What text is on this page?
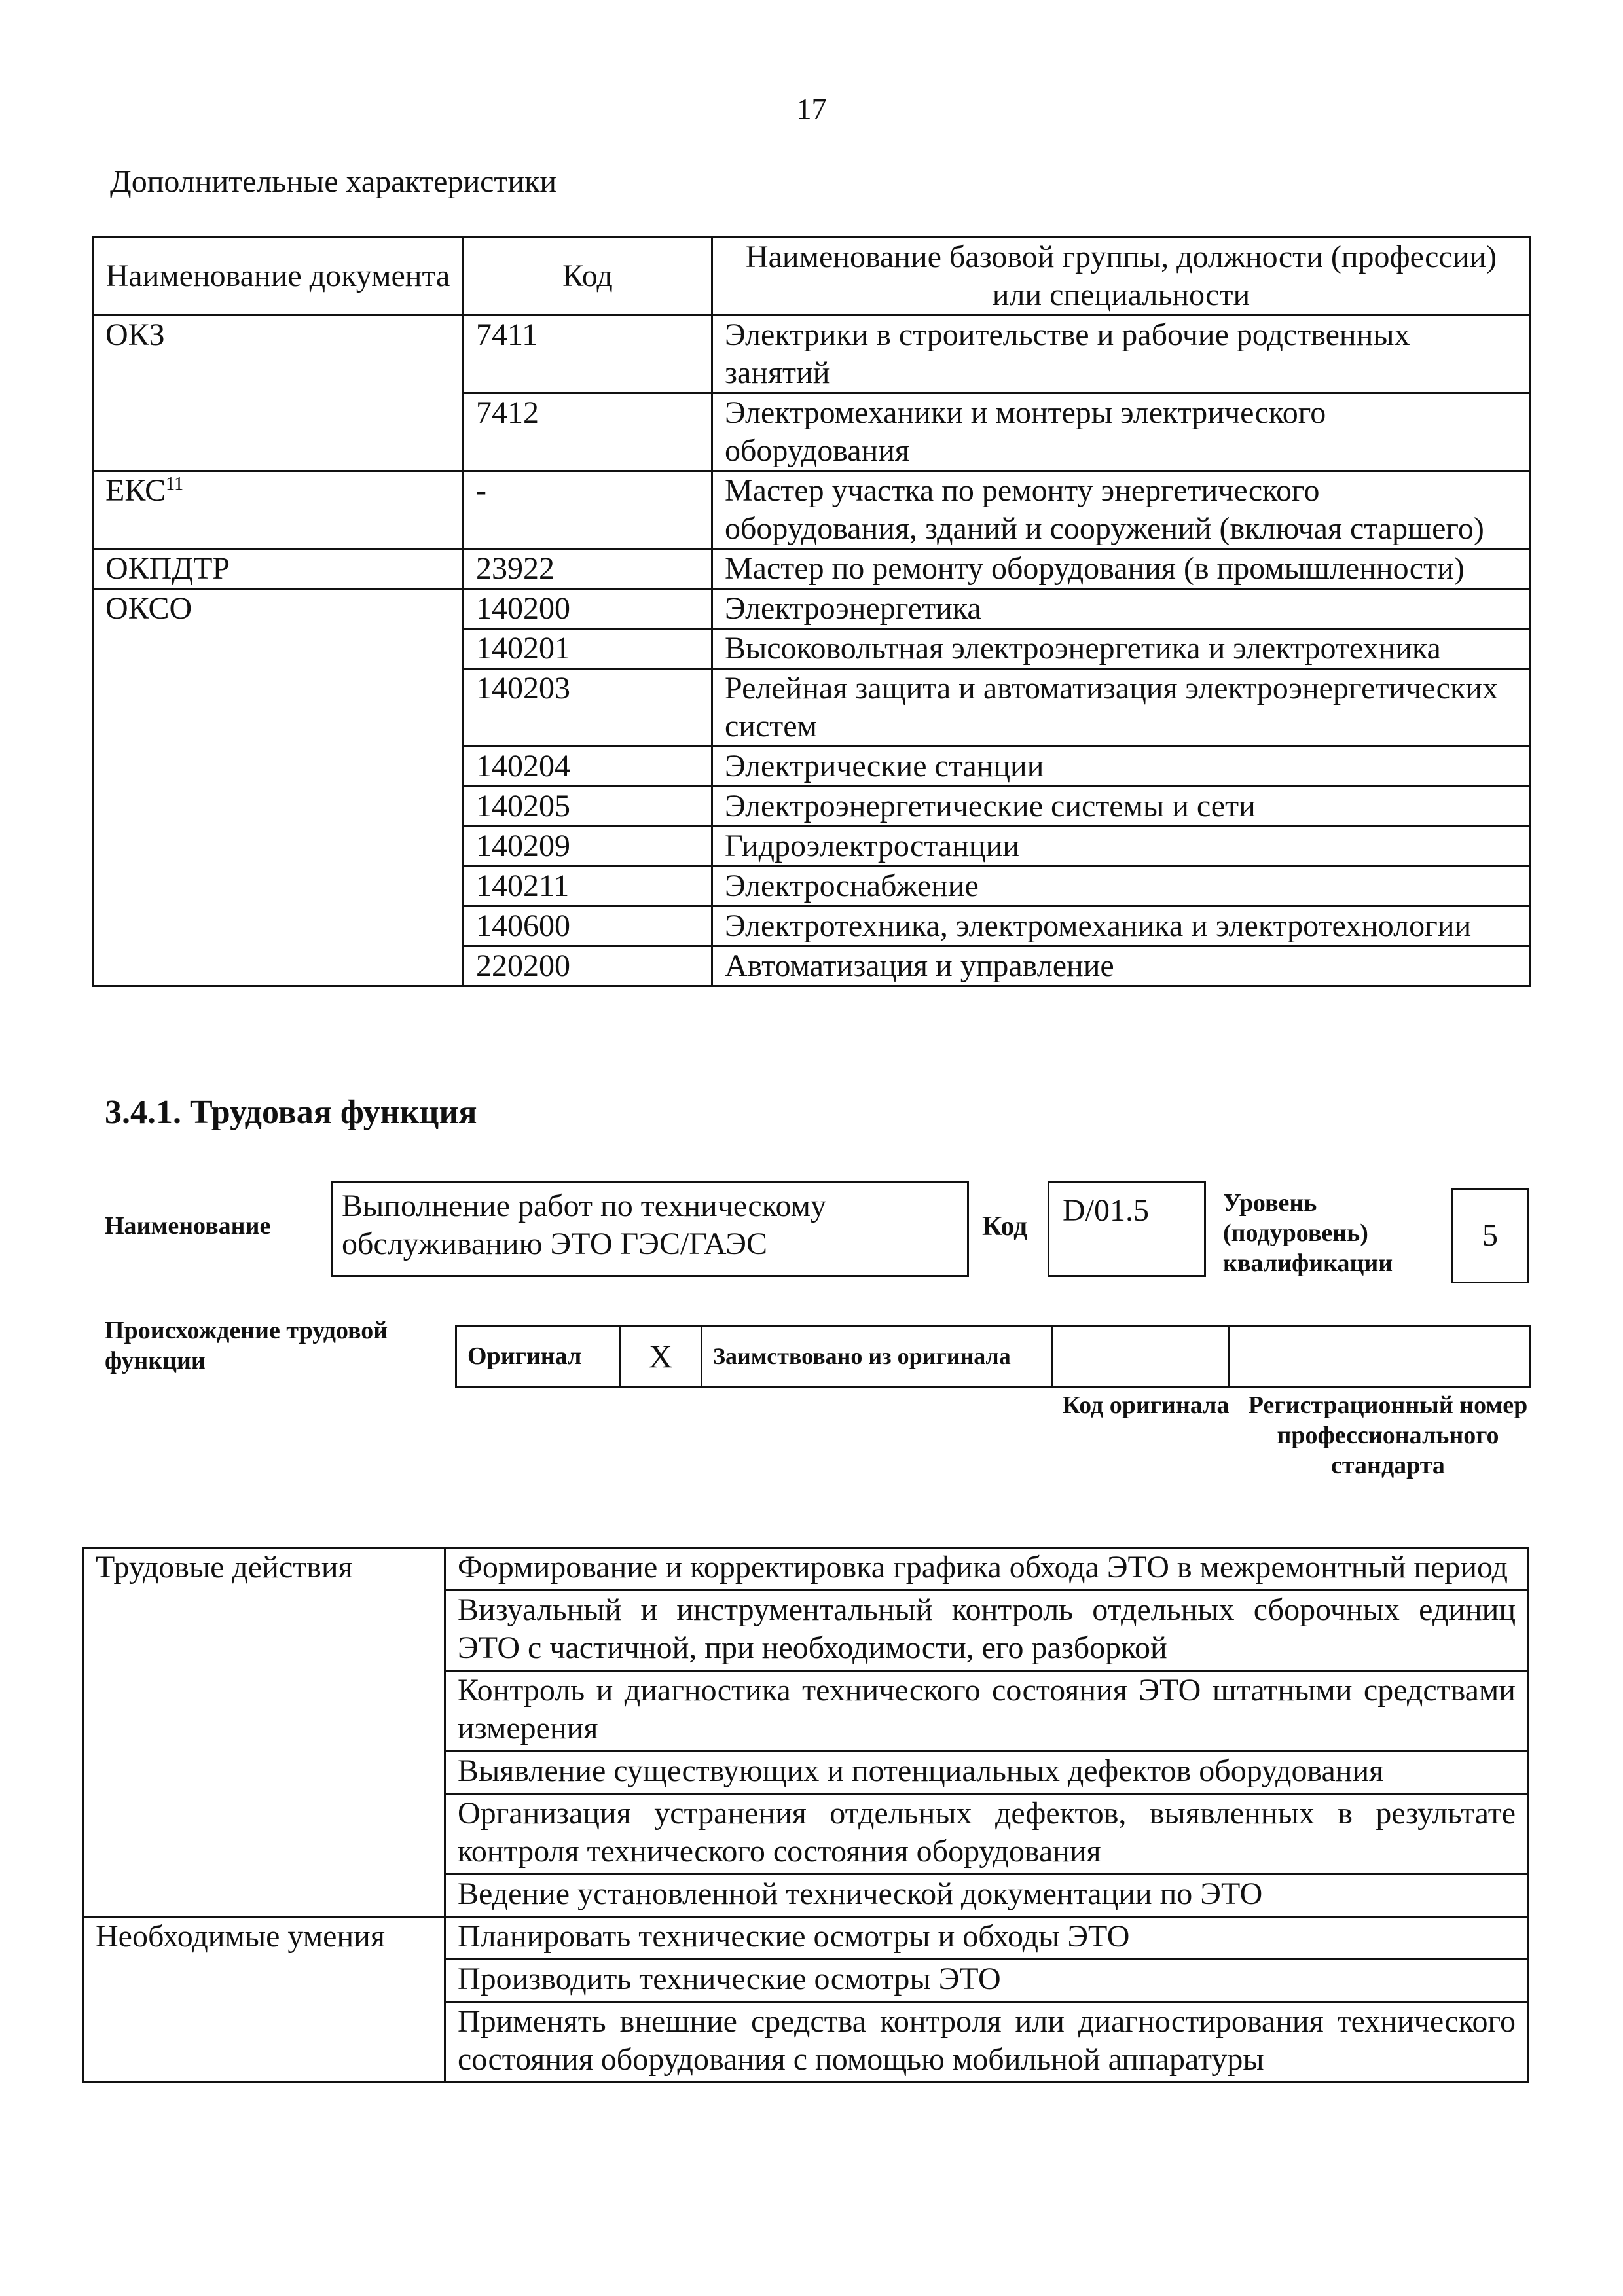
17
Дополнительные характеристики
Наименование документа	Код	Наименование базовой группы, должности (профессии) или специальности
ОКЗ	7411	Электрики в строительстве и рабочие родственных занятий
	7412	Электромеханики и монтеры электрического оборудования
ЕКС$^{11}$	-	Мастер участка по ремонту энергетического оборудования, зданий и сооружений (включая старшего)
ОКПДТР	23922	Мастер по ремонту оборудования (в промышленности)
ОКСО	140200	Электроэнергетика
	140201	Высоковольтная электроэнергетика и электротехника
	140203	Релейная защита и автоматизация электроэнергетических систем
	140204	Электрические станции
	140205	Электроэнергетические системы и сети
	140209	Гидроэлектростанции
	140211	Электроснабжение
	140600	Электротехника, электромеханика и электротехнологии
	220200	Автоматизация и управление
3.4.1. Трудовая функция
Наименование
Выполнение работ по техническому обслуживанию ЭТО ГЭС/ГАЭС	Код	D/01.5	Уровень (подуровень) квалификации
5
Происхождение трудовой функции	Оригинал	X	Заимствовано из оригинала		
Код оригинала Регистрационный номер профессионального стандарта
Трудовые действия	Формирование и корректировка графика обхода ЭТО в межремонтный период
	Визуальный и инструментальный контроль отдельных сборочных единиц ЭТО с частичной, при необходимости, его разборкой
	Контроль и диагностика технического состояния ЭТО штатными средствами измерения
	Выявление существующих и потенциальных дефектов оборудования
	Организация устранения отдельных дефектов, выявленных в результате контроля технического состояния оборудования
	Ведение установленной технической документации по ЭТО
Необходимые умения	Планировать технические осмотры и обходы ЭТО
	Производить технические осмотры ЭТО
	Применять внешние средства контроля или диагностирования технического состояния оборудования с помощью мобильной аппаратуры
